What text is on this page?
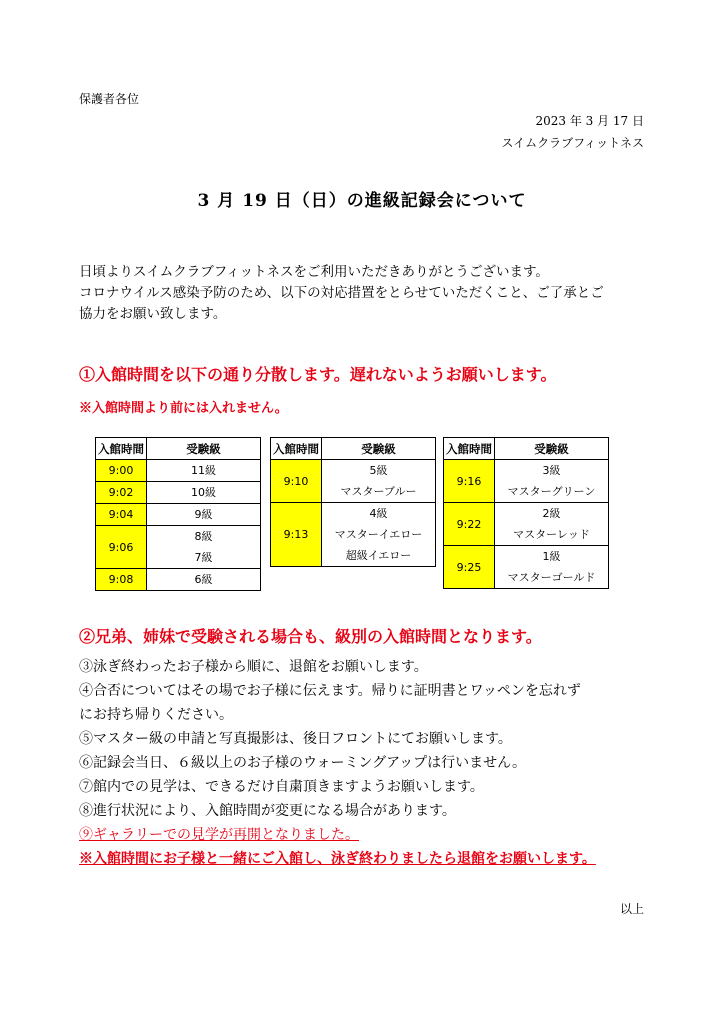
保護者各位
2023 年 3 月 17 日
スイムクラブフィットネス
3 月 19 日（日）の進級記録会について
日頃よりスイムクラブフィットネスをご利用いただきありがとうございます。
コロナウイルス感染予防のため、以下の対応措置をとらせていただくこと、ご了承とご
協力をお願い致します。
①入館時間を以下の通り分散します。遅れないようお願いします。
※入館時間より前には入れません。
入館時間	受験級
9:00	11級

9:02	10級

9:04	9級

9:06	8級
7級

9:08	6級
入館時間	受験級
9:10	5級
マスターブルー

9:13	4級
マスターイエロー
超級イエロー
入館時間	受験級
9:16	3級
マスターグリーン

9:22	2級
マスターレッド

9:25	1級
マスターゴールド
②兄弟、姉妹で受験される場合も、級別の入館時間となります。
③泳ぎ終わったお子様から順に、退館をお願いします。
④合否についてはその場でお子様に伝えます。帰りに証明書とワッペンを忘れず
にお持ち帰りください。
⑤マスター級の申請と写真撮影は、後日フロントにてお願いします。
⑥記録会当日、６級以上のお子様のウォーミングアップは行いません。
⑦館内での見学は、できるだけ自粛頂きますようお願いします。
⑧進行状況により、入館時間が変更になる場合があります。
⑨ギャラリーでの見学が再開となりました。
※入館時間にお子様と一緒にご入館し、泳ぎ終わりましたら退館をお願いします。
以上
